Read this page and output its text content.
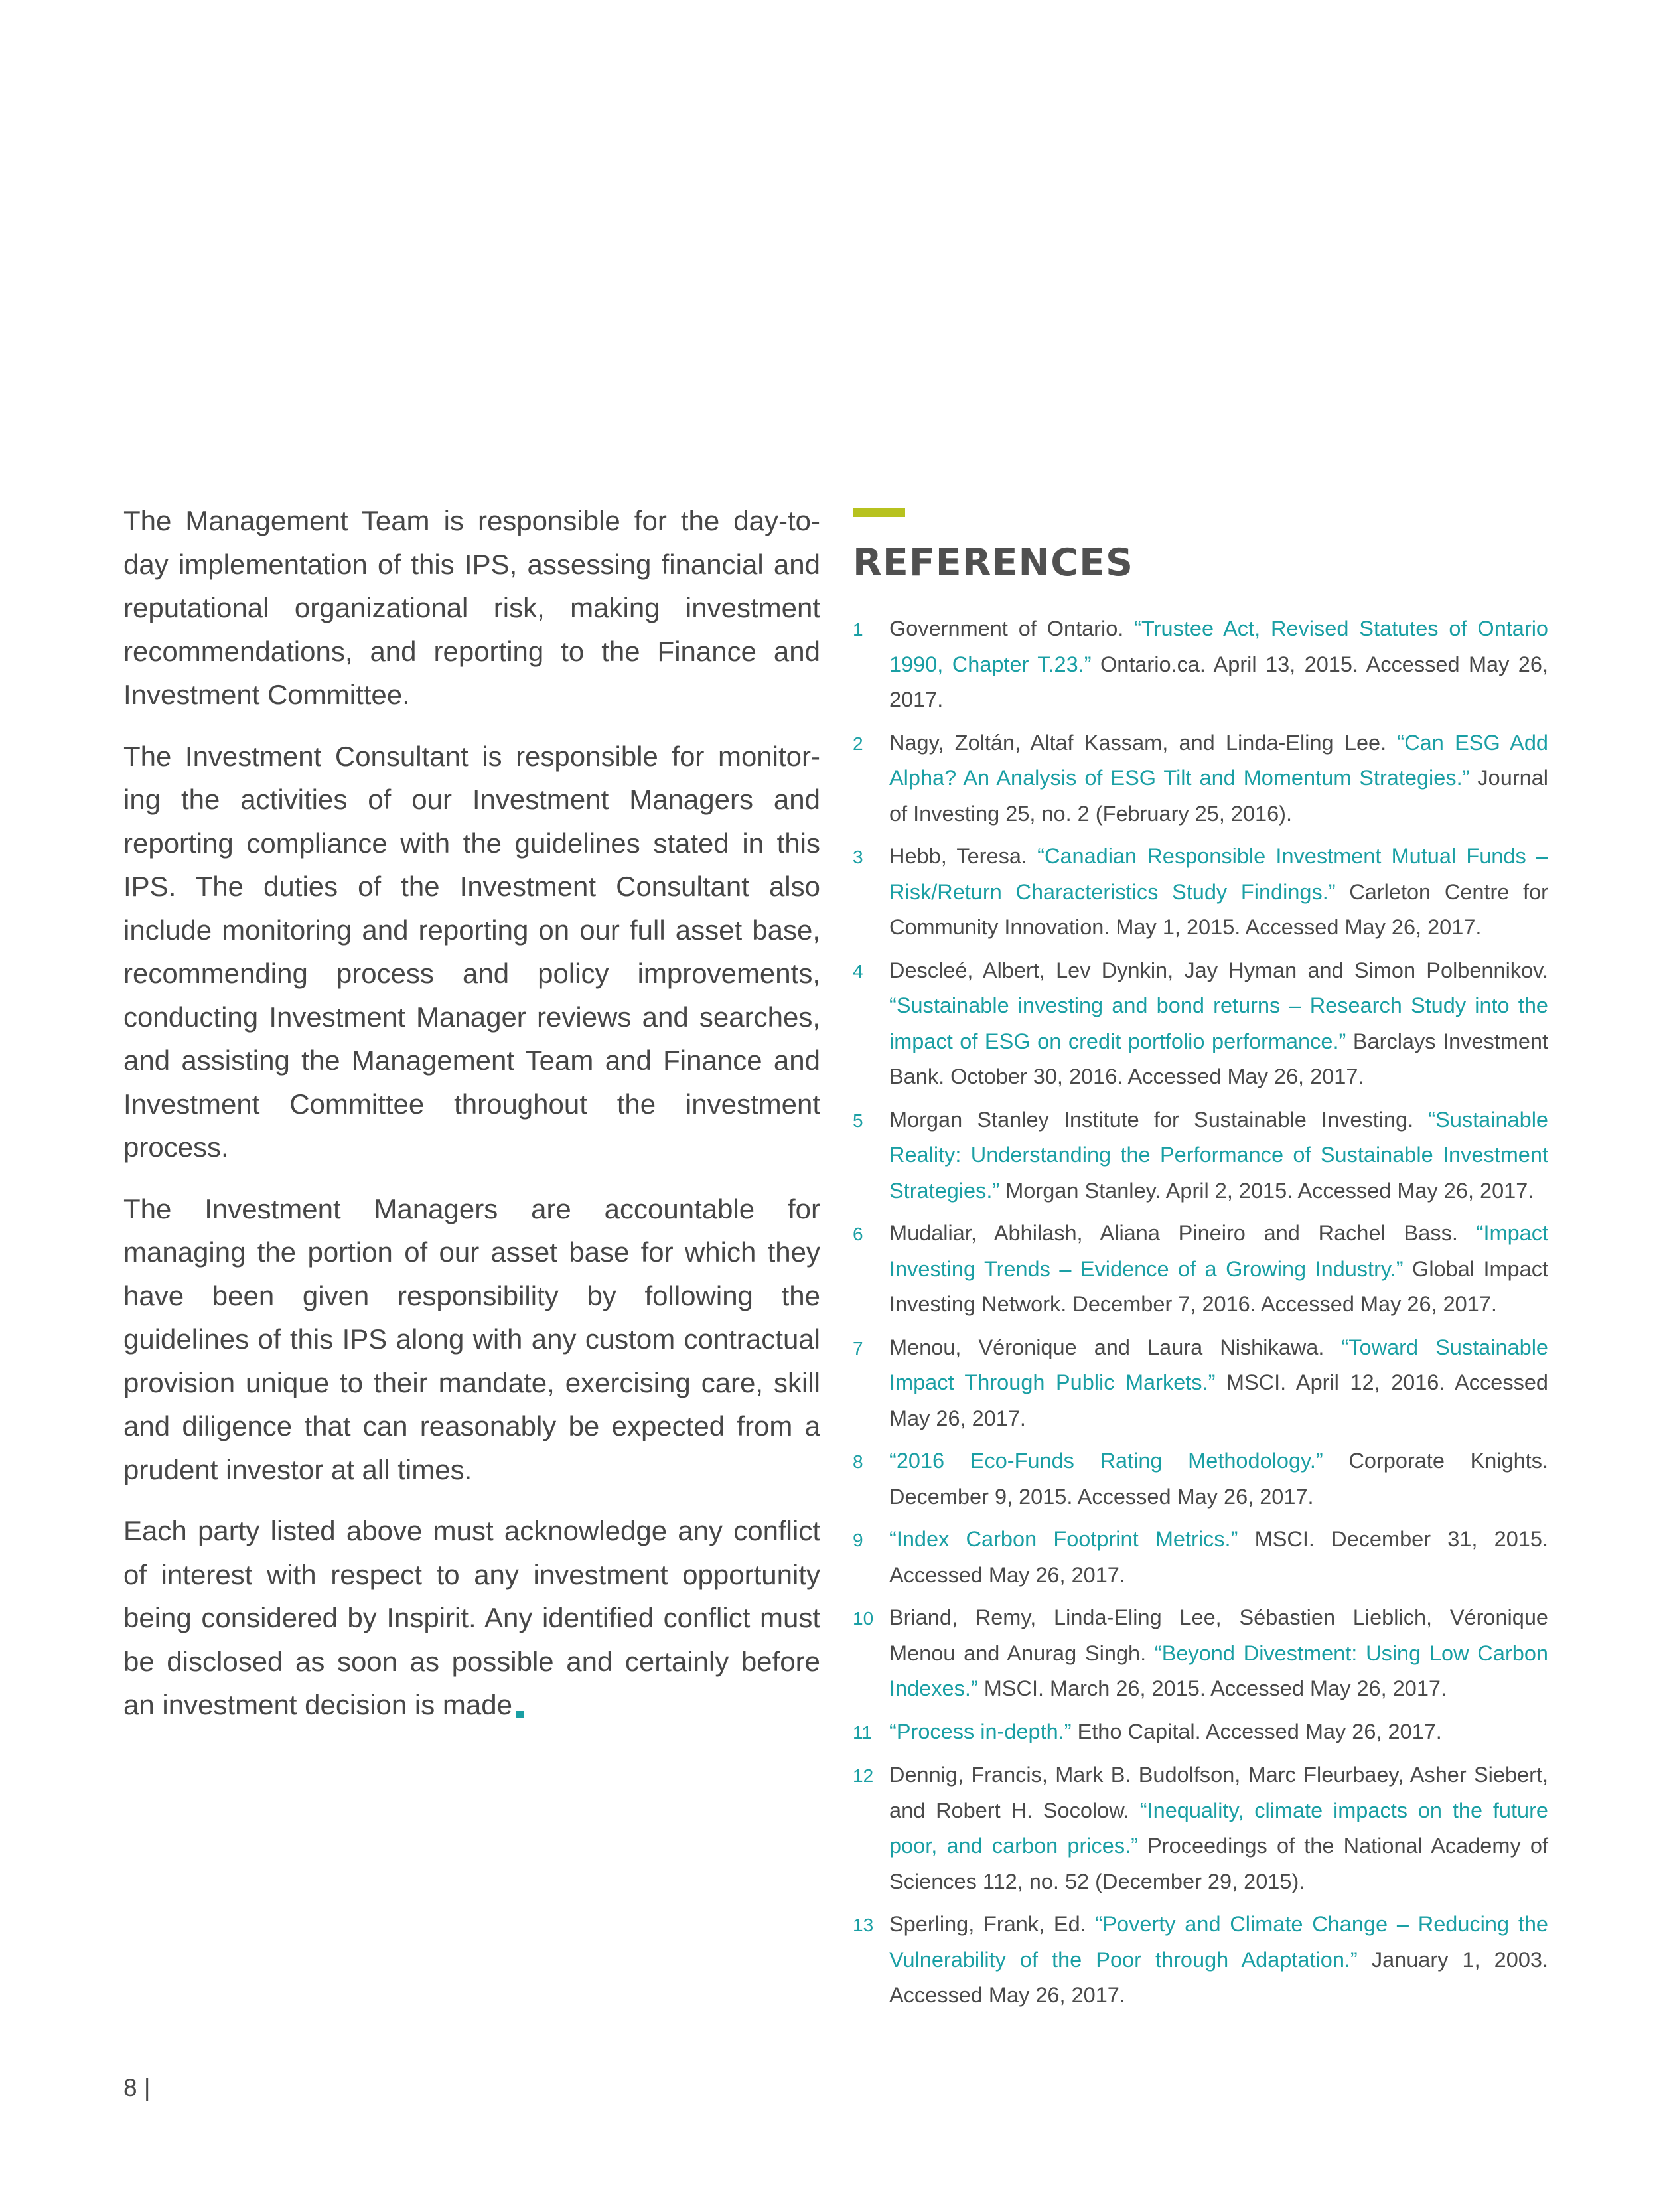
The Management Team is responsible for the day-to-day implementation of this IPS, assessing financial and reputational organizational risk, making investment recommendations, and reporting to the Finance and Investment Committee.

The Investment Consultant is responsible for monitor-ing the activities of our Investment Managers and reporting compliance with the guidelines stated in this IPS. The duties of the Investment Consultant also include monitoring and reporting on our full asset base, recommending process and policy improvements, conducting Investment Manager reviews and searches, and assisting the Management Team and Finance and Investment Committee throughout the investment process.

The Investment Managers are accountable for managing the portion of our asset base for which they have been given responsibility by following the guidelines of this IPS along with any custom contractual provision unique to their mandate, exercising care, skill and diligence that can reasonably be expected from a prudent investor at all times.

Each party listed above must acknowledge any conflict of interest with respect to any investment opportunity being considered by Inspirit. Any identified conflict must be disclosed as soon as possible and certainly before an investment decision is made

REFERENCES
1	Government of Ontario. “Trustee Act, Revised Statutes of Ontario 1990, Chapter T.23.” Ontario.ca. April 13, 2015. Accessed May 26, 2017.
2	Nagy, Zoltán, Altaf Kassam, and Linda-Eling Lee. “Can ESG Add Alpha? An Analysis of ESG Tilt and Momentum Strategies.” Journal of Investing 25, no. 2 (February 25, 2016).
3	Hebb, Teresa. “Canadian Responsible Investment Mutual Funds – Risk/Return Characteristics Study Findings.” Carleton Centre for Community Innovation. May 1, 2015. Accessed May 26, 2017.
4	Descleé, Albert, Lev Dynkin, Jay Hyman and Simon Polbennikov. “Sustainable investing and bond returns – Research Study into the impact of ESG on credit portfolio performance.” Barclays Investment Bank. October 30, 2016. Accessed May 26, 2017.
5	Morgan Stanley Institute for Sustainable Investing. “Sustainable Reality: Understanding the Performance of Sustainable Investment Strategies.” Morgan Stanley. April 2, 2015. Accessed May 26, 2017.
6	Mudaliar, Abhilash, Aliana Pineiro and Rachel Bass. “Impact Investing Trends – Evidence of a Growing Industry.” Global Impact Investing Network. December 7, 2016. Accessed May 26, 2017.
7	Menou, Véronique and Laura Nishikawa. “Toward Sustainable Impact Through Public Markets.” MSCI. April 12, 2016. Accessed May 26, 2017.
8	“2016 Eco-Funds Rating Methodology.” Corporate Knights. December 9, 2015. Accessed May 26, 2017.
9	“Index Carbon Footprint Metrics.” MSCI. December 31, 2015. Accessed May 26, 2017.
10 Briand, Remy, Linda-Eling Lee, Sébastien Lieblich, Véronique Menou and Anurag Singh. “Beyond Divestment: Using Low Carbon Indexes.” MSCI. March 26, 2015. Accessed May 26, 2017.
11 “Process in-depth.” Etho Capital. Accessed May 26, 2017.
12 Dennig, Francis, Mark B. Budolfson, Marc Fleurbaey, Asher Siebert, and Robert H. Socolow. “Inequality, climate impacts on the future poor, and carbon prices.” Proceedings of the National Academy of Sciences 112, no. 52 (December 29, 2015).
13 Sperling, Frank, Ed. “Poverty and Climate Change – Reducing the Vulnerability of the Poor through Adaptation.” January 1, 2003. Accessed May 26, 2017.
8 |
